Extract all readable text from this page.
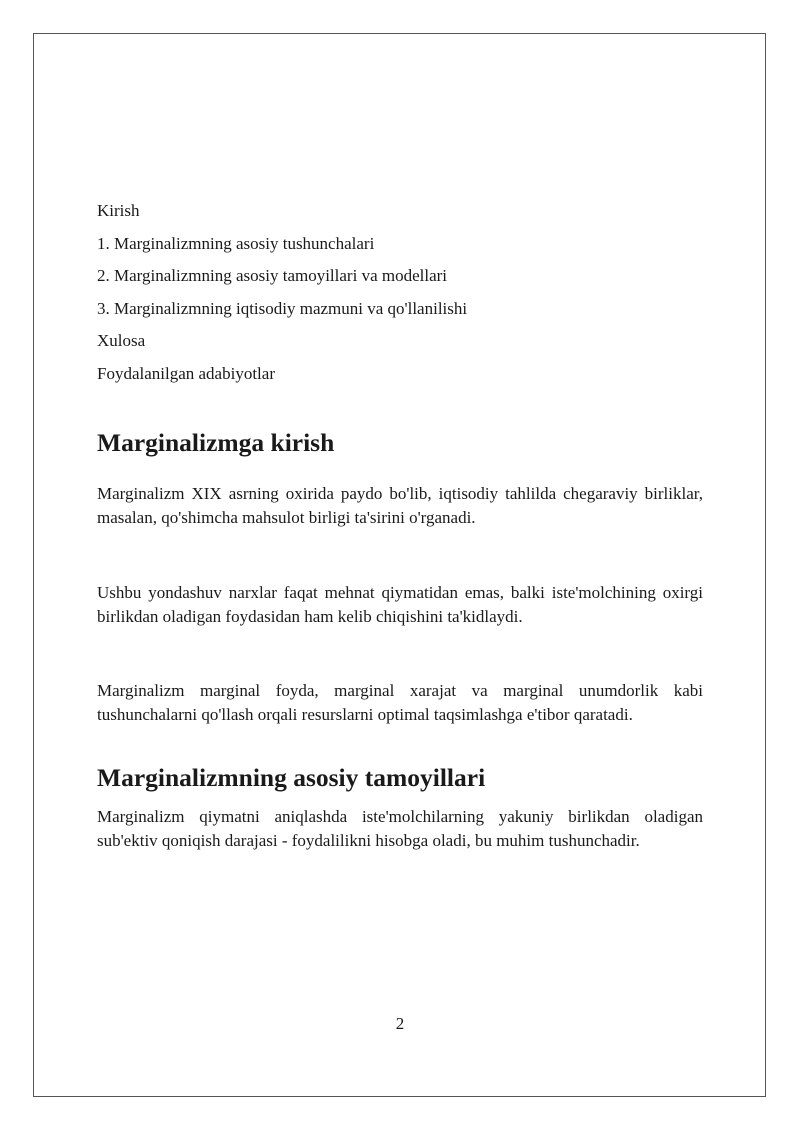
Kirish
1. Marginalizmning asosiy tushunchalari
2. Marginalizmning asosiy tamoyillari va modellari
3. Marginalizmning iqtisodiy mazmuni va qo'llanilishi
Xulosa
Foydalanilgan adabiyotlar
Marginalizmga kirish

Marginalizm XIX asrning oxirida paydo bo'lib, iqtisodiy tahlilda chegaraviy birliklar, masalan, qo'shimcha mahsulot birligi ta'sirini o'rganadi.

Ushbu yondashuv narxlar faqat mehnat qiymatidan emas, balki iste'molchining oxirgi birlikdan oladigan foydasidan ham kelib chiqishini ta'kidlaydi.

Marginalizm marginal foyda, marginal xarajat va marginal unumdorlik kabi tushunchalarni qo'llash orqali resurslarni optimal taqsimlashga e'tibor qaratadi.

Marginalizmning asosiy tamoyillari

Marginalizm qiymatni aniqlashda iste'molchilarning yakuniy birlikdan oladigan sub'ektiv qoniqish darajasi - foydalilikni hisobga oladi, bu muhim tushunchadir.

2
